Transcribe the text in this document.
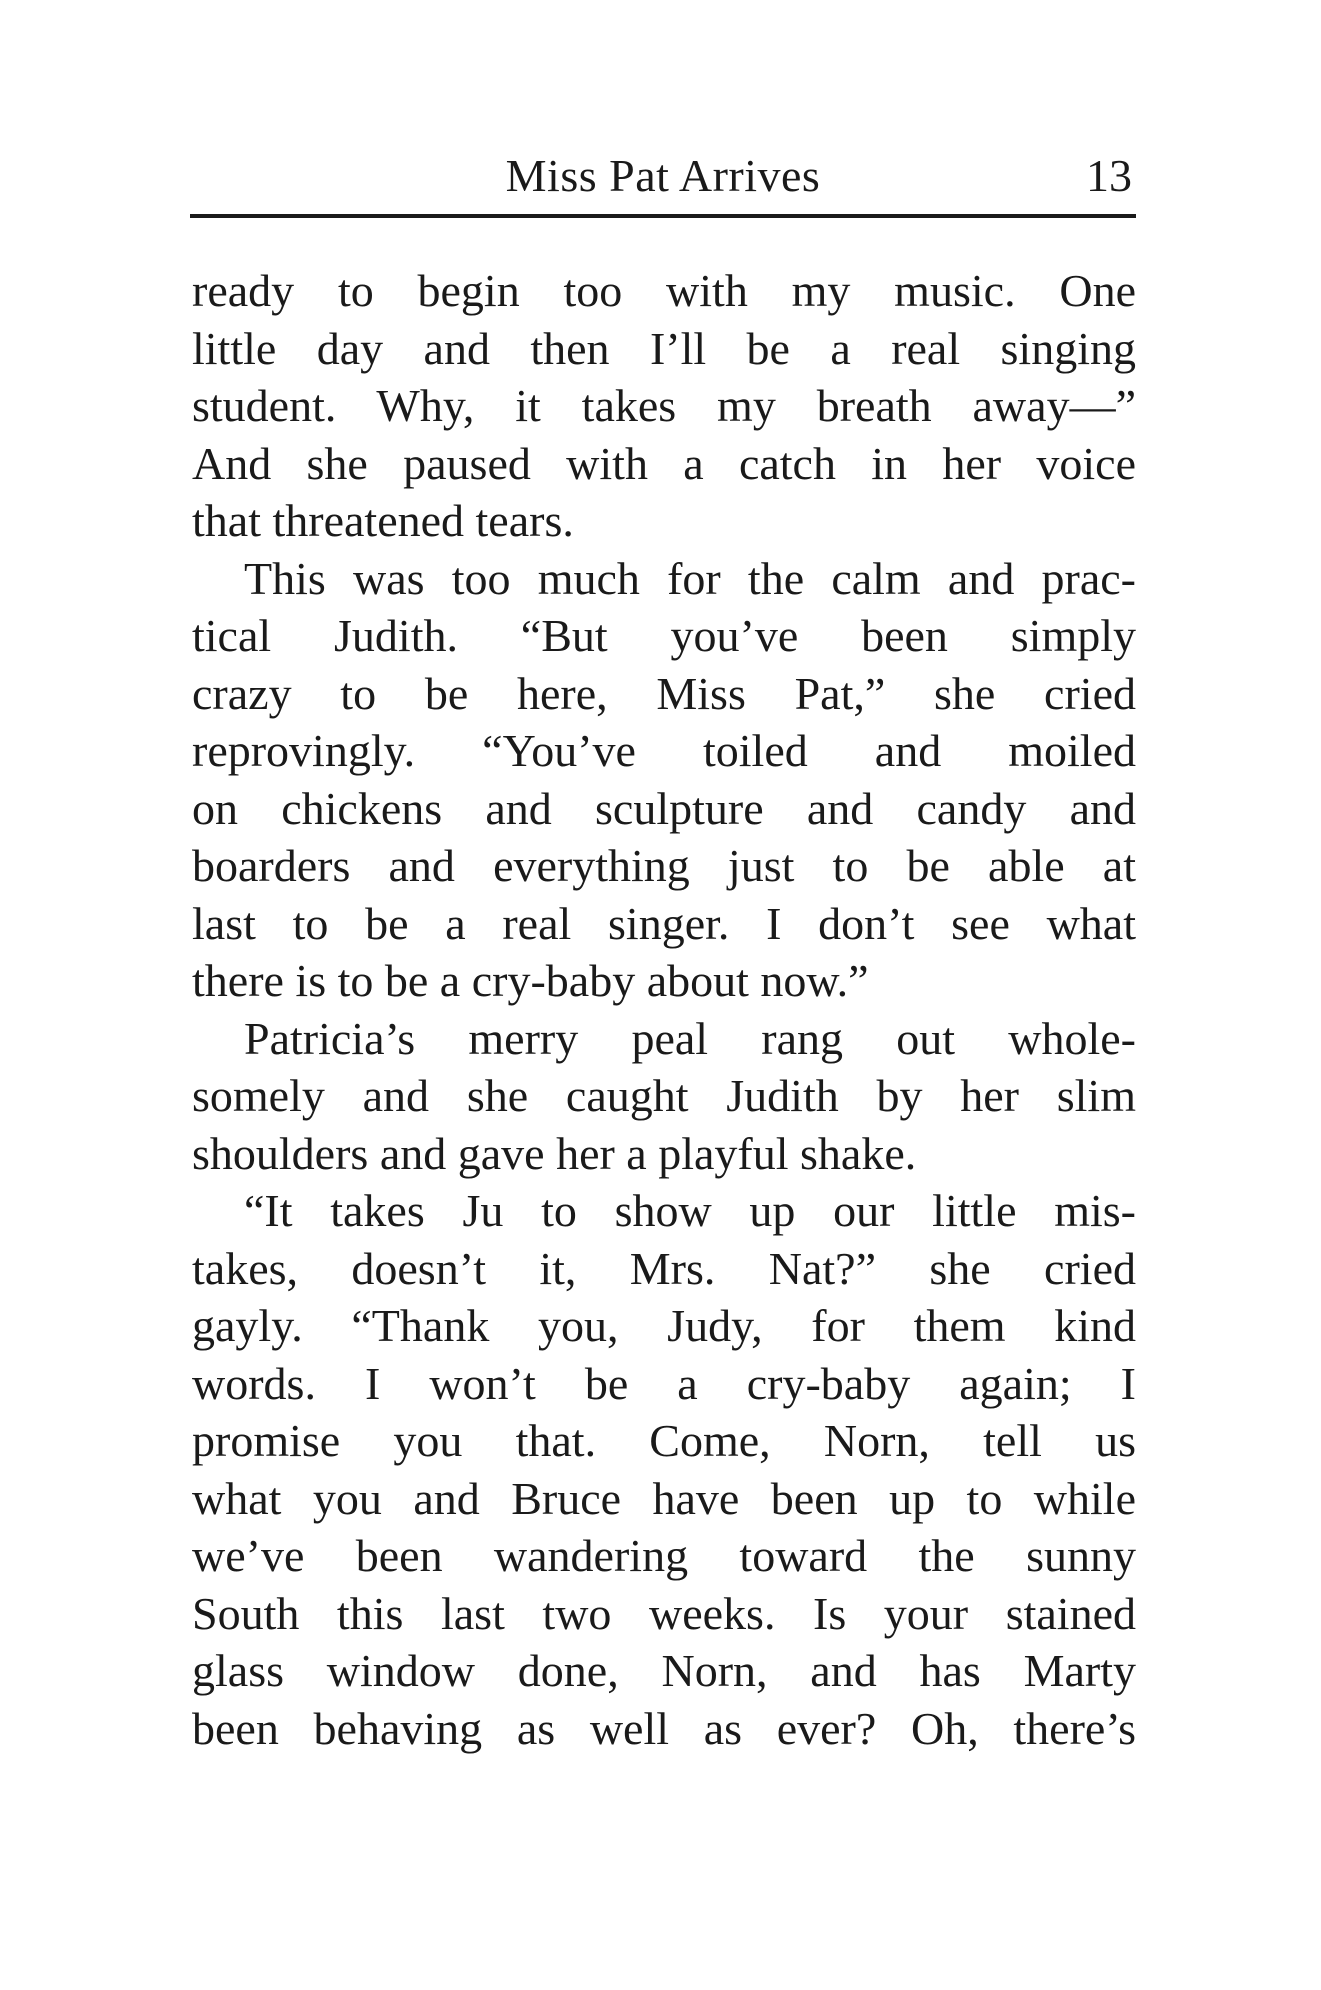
Miss Pat Arrives	13
ready to begin too with my music. One
little day and then I’ll be a real singing
student. Why, it takes my breath away—”
And she paused with a catch in her voice
that threatened tears.
This was too much for the calm and prac-
tical Judith. “But you’ve been simply
crazy to be here, Miss Pat,” she cried
reprovingly. “You’ve toiled and moiled
on chickens and sculpture and candy and
boarders and everything just to be able at
last to be a real singer. I don’t see what
there is to be a cry-baby about now.”
Patricia’s merry peal rang out whole-
somely and she caught Judith by her slim
shoulders and gave her a playful shake.
“It takes Ju to show up our little mis-
takes, doesn’t it, Mrs. Nat?” she cried
gayly. “Thank you, Judy, for them kind
words. I won’t be a cry-baby again; I
promise you that. Come, Norn, tell us
what you and Bruce have been up to while
we’ve been wandering toward the sunny
South this last two weeks. Is your stained
glass window done, Norn, and has Marty
been behaving as well as ever? Oh, there’s
